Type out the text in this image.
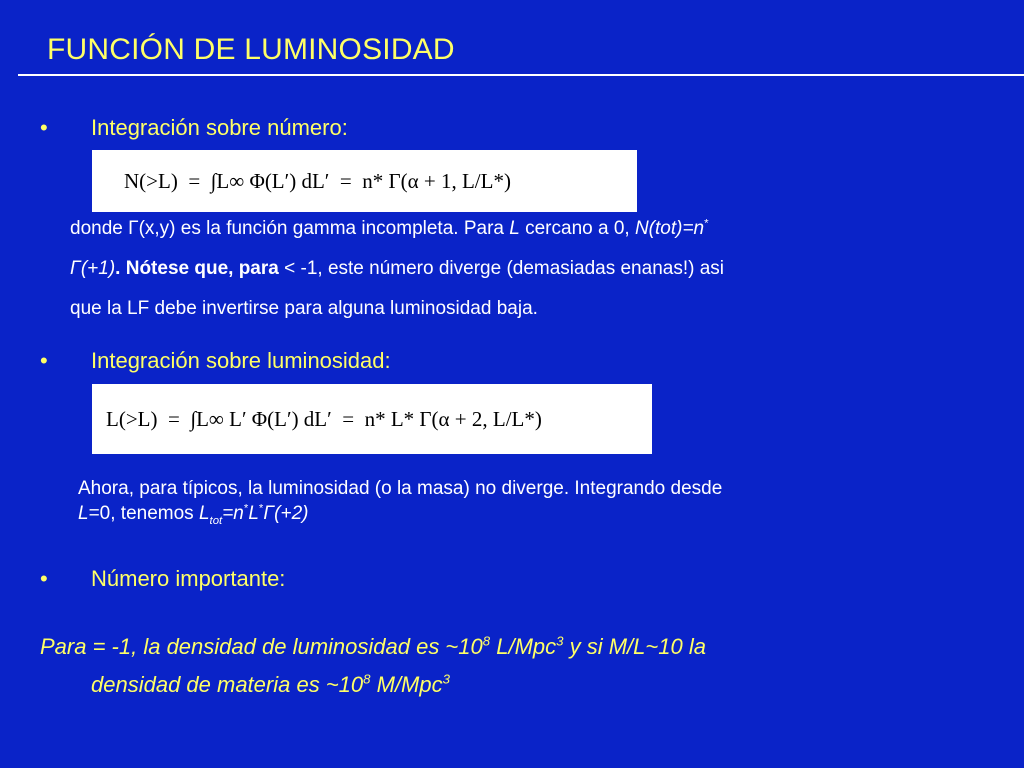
FUNCIÓN DE LUMINOSIDAD
• Integración sobre número:
N(>L)  =  ∫L∞ Φ(L′) dL′  =  n* Γ(α + 1, L/L*)
donde Γ(x,y) es la función gamma incompleta. Para L cercano a 0, N(tot)=n*
Γ(+1). Nótese que, para < -1, este número diverge (demasiadas enanas!) asi
que la LF debe invertirse para alguna luminosidad baja.
• Integración sobre luminosidad:
L(>L)  =  ∫L∞ L′ Φ(L′) dL′  =  n* L* Γ(α + 2, L/L*)
Ahora, para típicos, la luminosidad (o la masa) no diverge. Integrando desde
L=0, tenemos $L_{tot}=n^*L^*\Gamma(+2)$
• Número importante:
Para = -1, la densidad de luminosidad es $\sim 10^8$ L/Mpc$^3$ y si M/L~10 la
densidad de materia es $\sim 10^8$ M/Mpc$^3$
